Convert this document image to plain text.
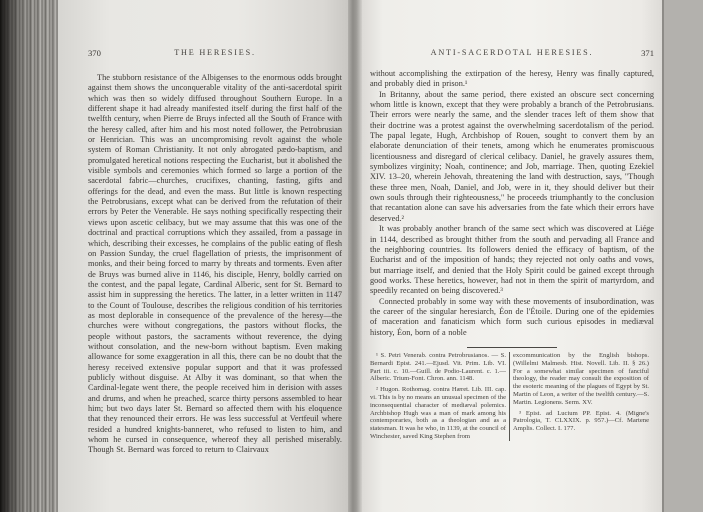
370	THE HERESIES.

The stubborn resistance of the Albigenses to the enormous odds brought against them shows the unconquerable vitality of the anti-sacerdotal spirit which was then so widely diffused throughout Southern Europe. In a different shape it had already manifested itself during the first half of the twelfth century, when Pierre de Bruys infected all the South of France with the heresy called, after him and his most noted follower, the Petrobrusian or Henrician. This was an uncompromising revolt against the whole system of Roman Christianity. It not only abrogated pædo-baptism, and promulgated heretical notions respecting the Eucharist, but it abolished the visible symbols and ceremonies which formed so large a portion of the sacerdotal fabric—churches, crucifixes, chanting, fasting, gifts and offerings for the dead, and even the mass. But little is known respecting the Petrobrusians, except what can be derived from the refutation of their errors by Peter the Venerable. He says nothing specifically respecting their views upon ascetic celibacy, but we may assume that this was one of the doctrinal and practical corruptions which they assailed, from a passage in which, describing their excesses, he complains of the public eating of flesh on Passion Sunday, the cruel flagellation of priests, the imprisonment of monks, and their being forced to marry by threats and torments. Even after de Bruys was burned alive in 1146, his disciple, Henry, boldly carried on the contest, and the papal legate, Cardinal Alberic, sent for St. Bernard to assist him in suppressing the heretics. The latter, in a letter written in 1147 to the Count of Toulouse, describes the religious condition of his territories as most deplorable in consequence of the prevalence of the heresy—the churches were without congregations, the pastors without flocks, the people without pastors, the sacraments without reverence, the dying without consolation, and the new-born without baptism. Even making allowance for some exaggeration in all this, there can be no doubt that the heresy received extensive popular support and that it was professed publicly without disguise. At Alby it was dominant, so that when the Cardinal-legate went there, the people received him in derision with asses and drums, and when he preached, scarce thirty persons assembled to hear him; but two days later St. Bernard so affected them with his eloquence that they renounced their errors. He was less successful at Vertfeuil where resided a hundred knights-banneret, who refused to listen to him, and whom he cursed in consequence, whereof they all perished miserably. Though St. Bernard was forced to return to Clairvaux

ANTI-SACERDOTAL HERESIES.	371

without accomplishing the extirpation of the heresy, Henry was finally captured, and probably died in prison.¹

In Britanny, about the same period, there existed an obscure sect concerning whom little is known, except that they were probably a branch of the Petrobrusians. Their errors were nearly the same, and the slender traces left of them show that their doctrine was a protest against the overwhelming sacerdotalism of the period. The papal legate, Hugh, Archbishop of Rouen, sought to convert them by an elaborate denunciation of their tenets, among which he enumerates promiscuous licentiousness and disregard of clerical celibacy. Daniel, he gravely assures them, symbolizes virginity; Noah, continence; and Job, marriage. Then, quoting Ezekiel XIV. 13–20, wherein Jehovah, threatening the land with destruction, says, "Though these three men, Noah, Daniel, and Job, were in it, they should deliver but their own souls through their righteousness," he proceeds triumphantly to the conclusion that recantation alone can save his adversaries from the fate which their errors have deserved.²

It was probably another branch of the same sect which was discovered at Liége in 1144, described as brought thither from the south and pervading all France and the neighboring countries. Its followers denied the efficacy of baptism, of the Eucharist and of the imposition of hands; they rejected not only oaths and vows, but marriage itself, and denied that the Holy Spirit could be gained except through good works. These heretics, however, had not in them the spirit of martyrdom, and speedily recanted on being discovered.³

Connected probably in some way with these movements of insubordination, was the career of the singular heresiarch, Éon de l'Étoile. During one of the epidemies of maceration and fanaticism which form such curious episodes in mediæval history, Éon, born of a noble

¹ S. Petri Venerab. contra Petrobrusianos. — S. Bernardi Epist. 241.—Ejusd. Vit. Prim. Lib. VI. Part iii. c. 10.—Guill. de Podio-Laurent. c. 1.—Alberic. Trium-Font. Chron. ann. 1148.

² Hugon. Rothomag. contra Hæret. Lib. III. cap. vi. This is by no means an unusual specimen of the inconsequential character of mediæval polemics. Archbishop Hugh was a man of mark among his contemporaries, both as a theologian and as a statesman. It was he who, in 1139, at the council of Winchester, saved King Stephen from

excommunication by the English bishops. (Willelmi Malmesb. Hist. Novell. Lib. II. § 26.) For a somewhat similar specimen of fanciful theology, the reader may consult the exposition of the esoteric meaning of the plagues of Egypt by St. Martin of Leon, a writer of the twelfth century.—S. Martin. Legionens. Serm. XV.

³ Epist. ad Lucium PP. Epist. 4. (Migne's Patrologia, T. CLXXIX. p. 957.)—Cf. Martene Amplis. Collect. I. 177.
